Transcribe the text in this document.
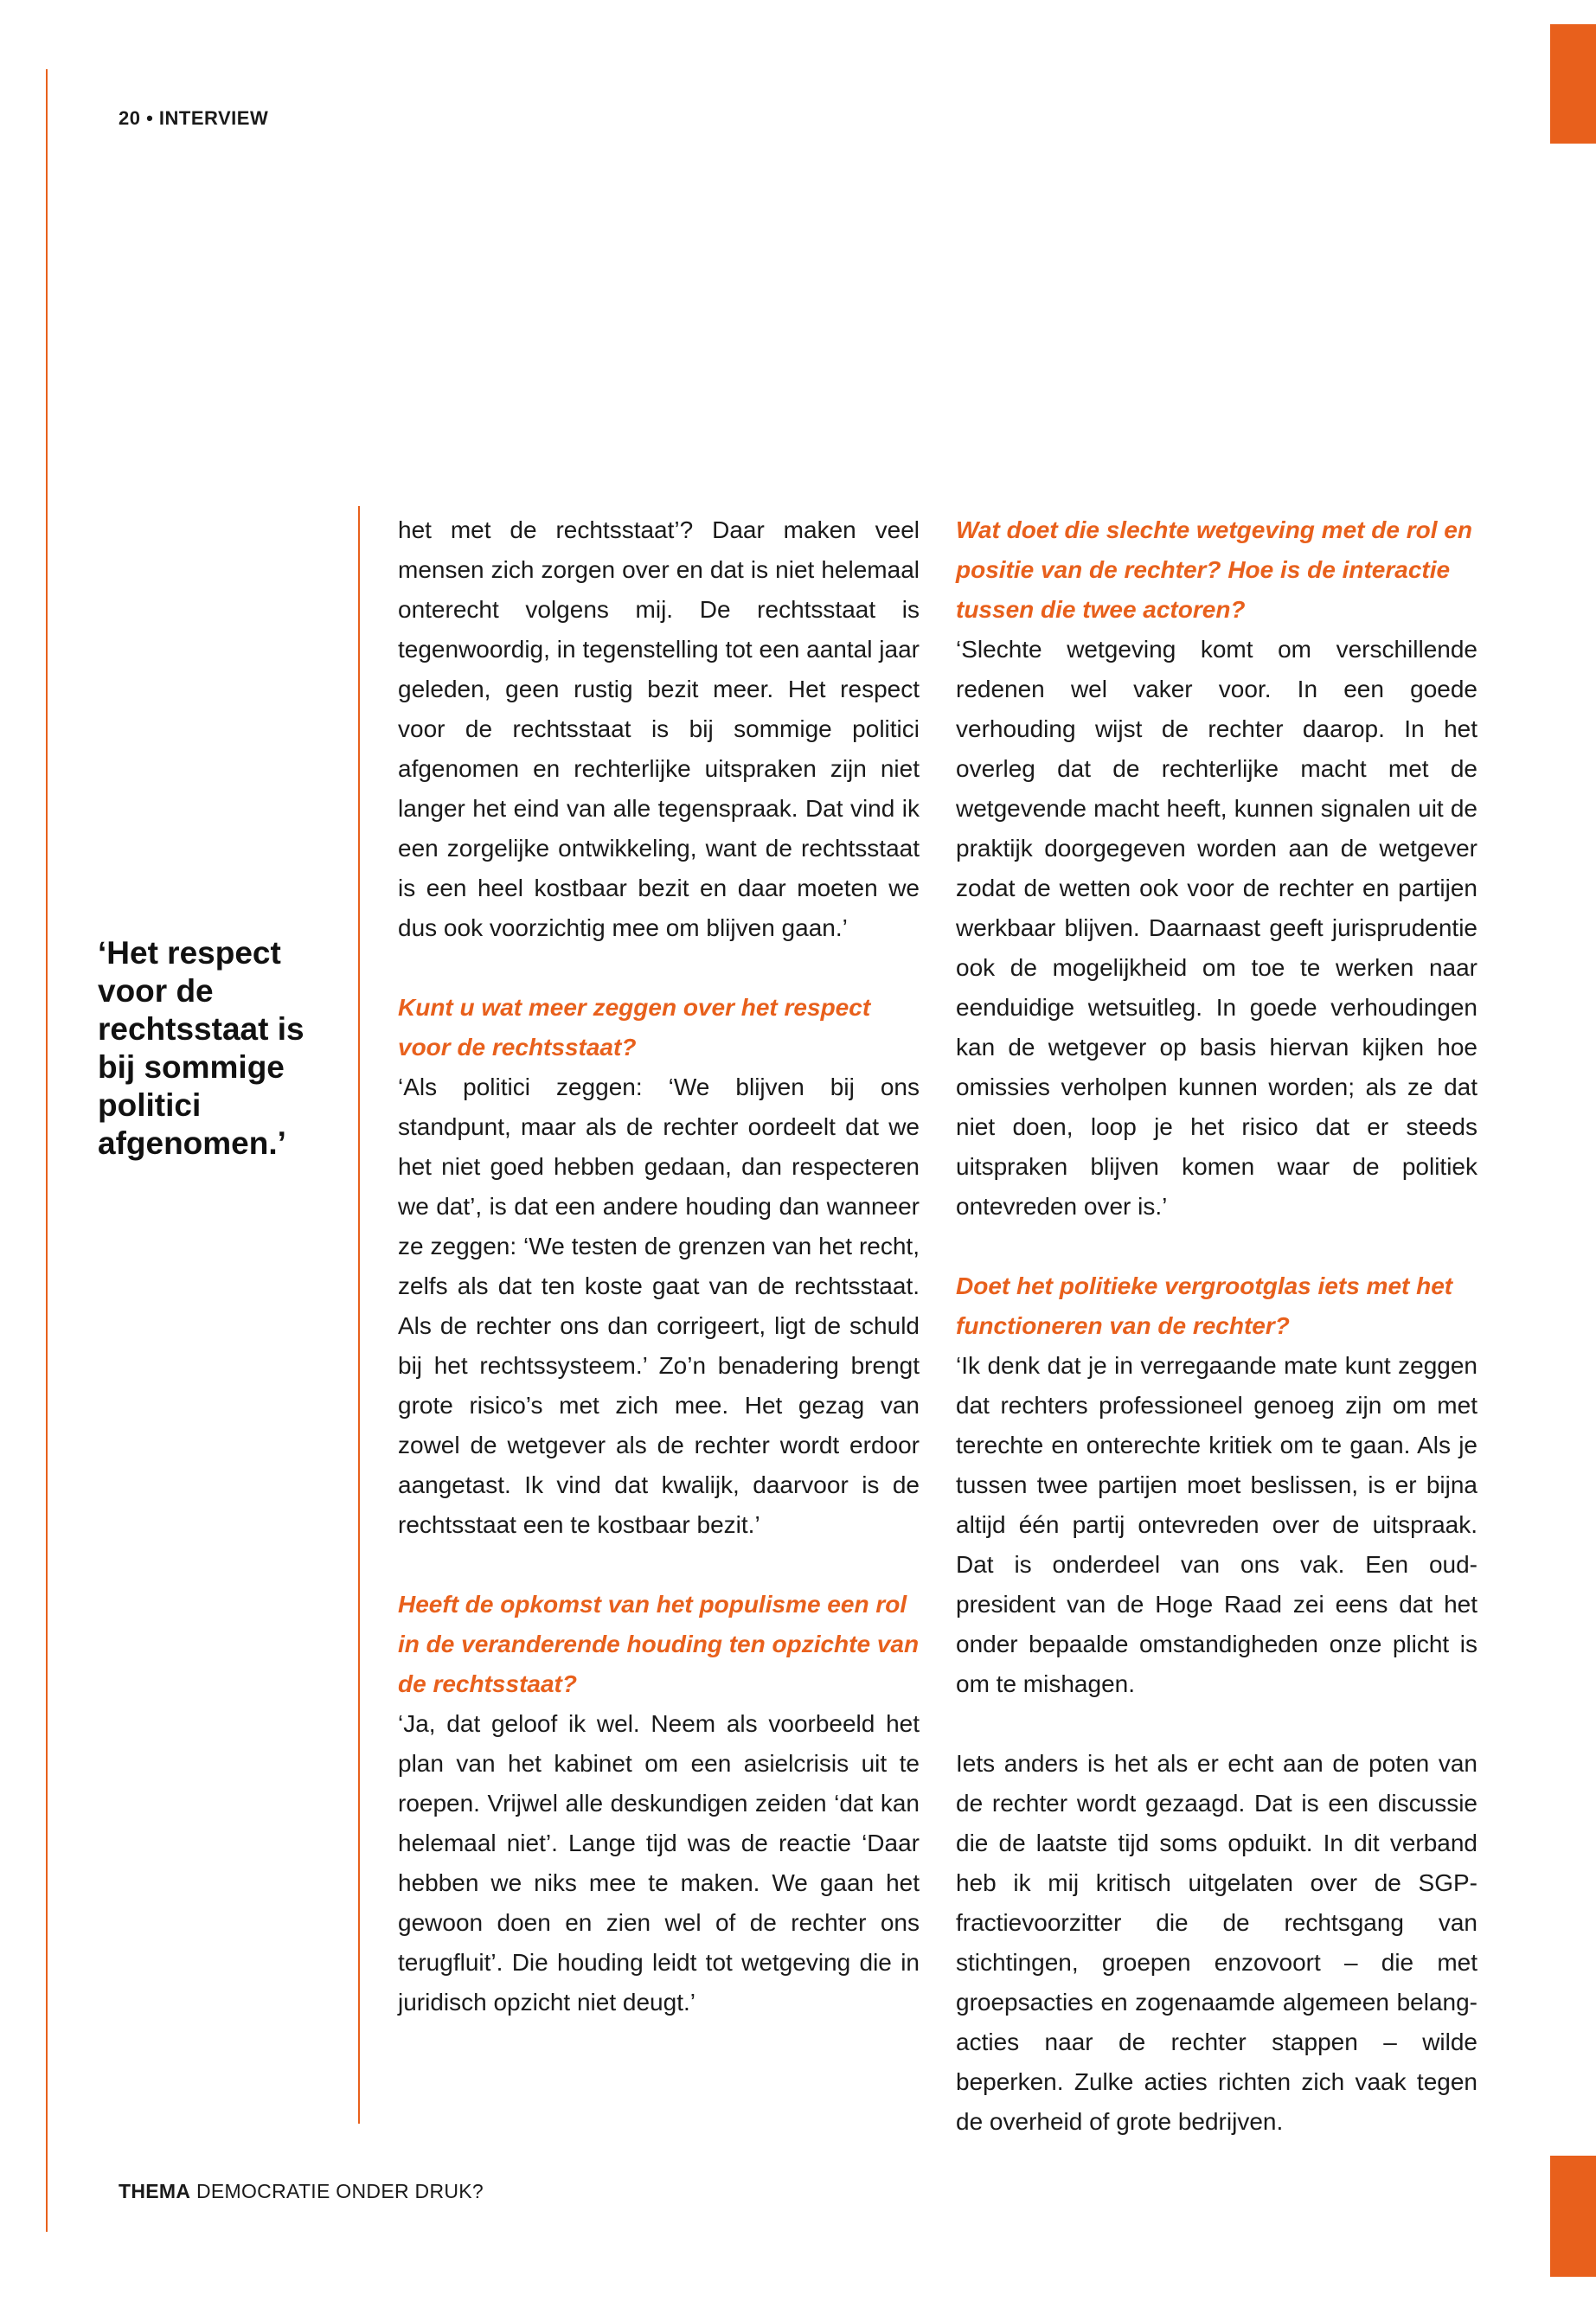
20 • INTERVIEW
‘Het respect voor de rechtsstaat is bij sommige politici afgenomen.’

het met de rechtsstaat’? Daar maken veel mensen zich zorgen over en dat is niet helemaal onterecht volgens mij. De rechtsstaat is tegenwoordig, in tegenstelling tot een aantal jaar geleden, geen rustig bezit meer. Het respect voor de rechtsstaat is bij sommige politici afgenomen en rechterlijke uitspraken zijn niet langer het eind van alle tegenspraak. Dat vind ik een zorgelijke ontwikkeling, want de rechtsstaat is een heel kostbaar bezit en daar moeten we dus ook voorzichtig mee om blijven gaan.’

Kunt u wat meer zeggen over het respect voor de rechtsstaat?

‘Als politici zeggen: ‘We blijven bij ons standpunt, maar als de rechter oordeelt dat we het niet goed hebben gedaan, dan respecteren we dat’, is dat een andere houding dan wanneer ze zeggen: ‘We testen de grenzen van het recht, zelfs als dat ten koste gaat van de rechtsstaat. Als de rechter ons dan corrigeert, ligt de schuld bij het rechtssysteem.’ Zo’n benadering brengt grote risico’s met zich mee. Het gezag van zowel de wetgever als de rechter wordt erdoor aangetast. Ik vind dat kwalijk, daarvoor is de rechtsstaat een te kostbaar bezit.’

Heeft de opkomst van het populisme een rol in de veranderende houding ten opzichte van de rechtsstaat?

‘Ja, dat geloof ik wel. Neem als voorbeeld het plan van het kabinet om een asielcrisis uit te roepen. Vrijwel alle deskundigen zeiden ‘dat kan helemaal niet’. Lange tijd was de reactie ‘Daar hebben we niks mee te maken. We gaan het gewoon doen en zien wel of de rechter ons terugfluit’. Die houding leidt tot wetgeving die in juridisch opzicht niet deugt.’

Wat doet die slechte wetgeving met de rol en positie van de rechter? Hoe is de interactie tussen die twee actoren?

‘Slechte wetgeving komt om verschillende redenen wel vaker voor. In een goede verhouding wijst de rechter daarop. In het overleg dat de rechterlijke macht met de wetgevende macht heeft, kunnen signalen uit de praktijk doorgegeven worden aan de wetgever zodat de wetten ook voor de rechter en partijen werkbaar blijven. Daarnaast geeft jurisprudentie ook de mogelijkheid om toe te werken naar eenduidige wetsuitleg. In goede verhoudingen kan de wetgever op basis hiervan kijken hoe omissies verholpen kunnen worden; als ze dat niet doen, loop je het risico dat er steeds uitspraken blijven komen waar de politiek ontevreden over is.’

Doet het politieke vergrootglas iets met het functioneren van de rechter?

‘Ik denk dat je in verregaande mate kunt zeggen dat rechters professioneel genoeg zijn om met terechte en onterechte kritiek om te gaan. Als je tussen twee partijen moet beslissen, is er bijna altijd één partij ontevreden over de uitspraak. Dat is onderdeel van ons vak. Een oud-president van de Hoge Raad zei eens dat het onder bepaalde omstandigheden onze plicht is om te mishagen.

Iets anders is het als er echt aan de poten van de rechter wordt gezaagd. Dat is een discussie die de laatste tijd soms opduikt. In dit verband heb ik mij kritisch uitgelaten over de SGP-fractievoorzitter die de rechtsgang van stichtingen, groepen enzovoort – die met groepsacties en zogenaamde algemeen belang-acties naar de rechter stappen – wilde beperken. Zulke acties richten zich vaak tegen de overheid of grote bedrijven.

THEMA DEMOCRATIE ONDER DRUK?
